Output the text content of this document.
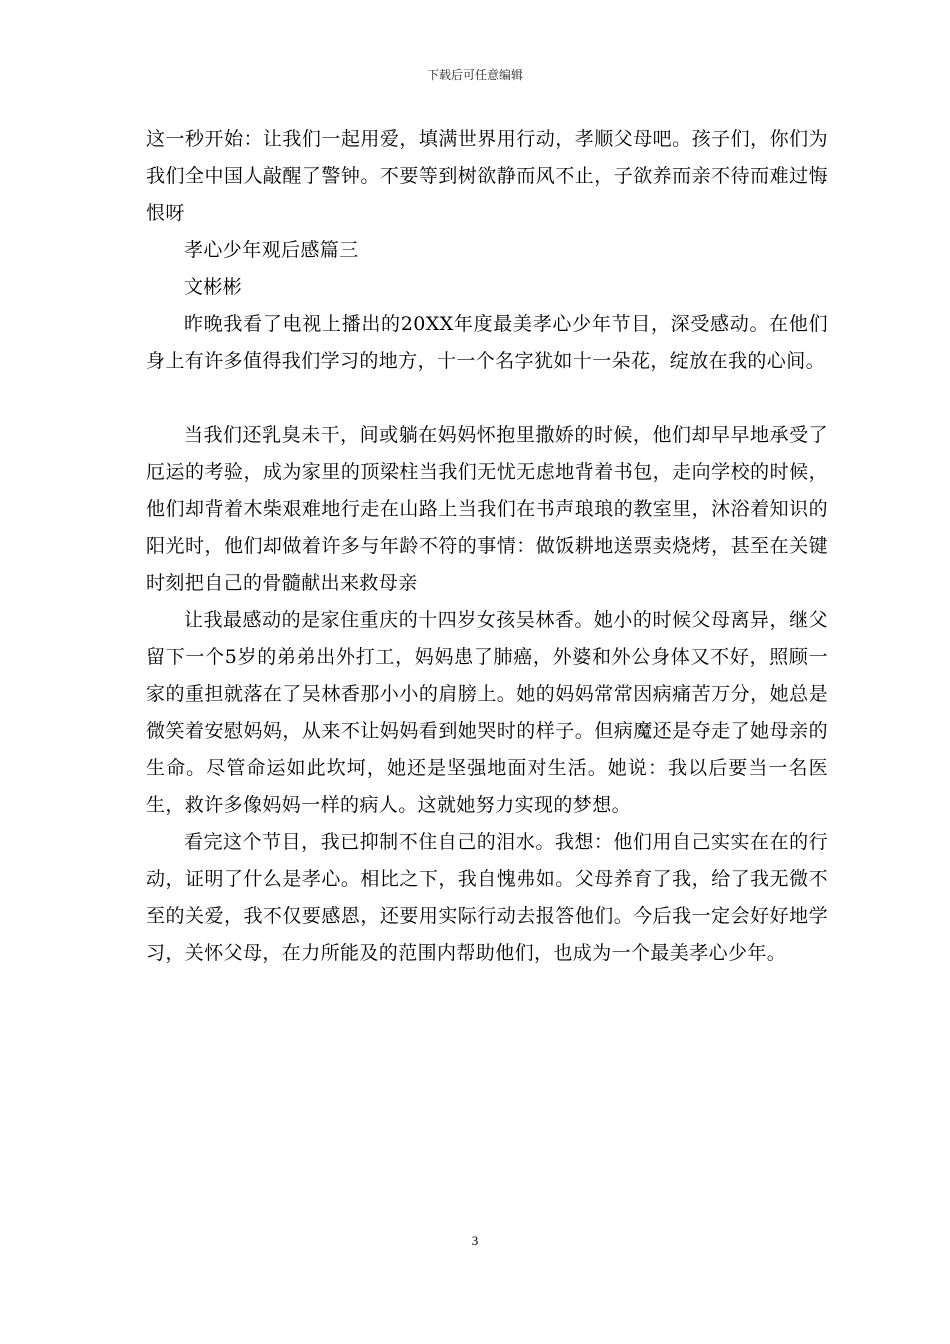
下载后可任意编辑

这一秒开始：让我们一起用爱，填满世界用行动，孝顺父母吧。孩子们，你们为我们全中国人敲醒了警钟。不要等到树欲静而风不止，子欲养而亲不待而难过悔恨呀

孝心少年观后感篇三

文彬彬

昨晚我看了电视上播出的20XX年度最美孝心少年节目，深受感动。在他们身上有许多值得我们学习的地方，十一个名字犹如十一朵花，绽放在我的心间。

当我们还乳臭未干，间或躺在妈妈怀抱里撒娇的时候，他们却早早地承受了厄运的考验，成为家里的顶梁柱当我们无忧无虑地背着书包，走向学校的时候，他们却背着木柴艰难地行走在山路上当我们在书声琅琅的教室里，沐浴着知识的阳光时，他们却做着许多与年龄不符的事情：做饭耕地送票卖烧烤，甚至在关键时刻把自己的骨髓献出来救母亲

让我最感动的是家住重庆的十四岁女孩吴林香。她小的时候父母离异，继父留下一个5岁的弟弟出外打工，妈妈患了肺癌，外婆和外公身体又不好，照顾一家的重担就落在了吴林香那小小的肩膀上。她的妈妈常常因病痛苦万分，她总是微笑着安慰妈妈，从来不让妈妈看到她哭时的样子。但病魔还是夺走了她母亲的生命。尽管命运如此坎坷，她还是坚强地面对生活。她说：我以后要当一名医生，救许多像妈妈一样的病人。这就她努力实现的梦想。

看完这个节目，我已抑制不住自己的泪水。我想：他们用自己实实在在的行动，证明了什么是孝心。相比之下，我自愧弗如。父母养育了我，给了我无微不至的关爱，我不仅要感恩，还要用实际行动去报答他们。今后我一定会好好地学习，关怀父母，在力所能及的范围内帮助他们，也成为一个最美孝心少年。

3
